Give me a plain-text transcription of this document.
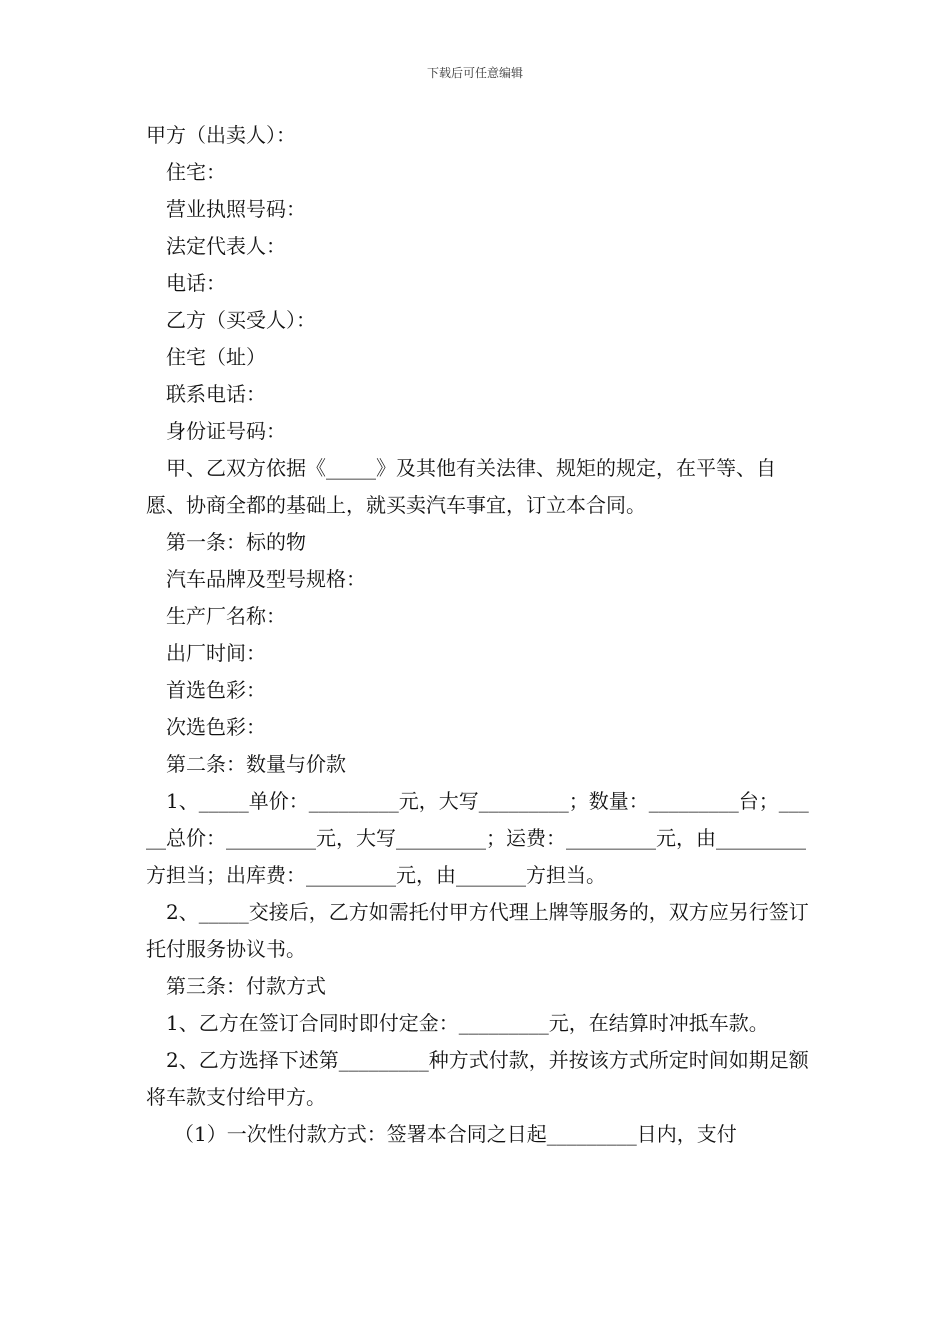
下载后可任意编辑

甲方（出卖人）：

住宅：

营业执照号码：

法定代表人：

电话：

乙方（买受人）：

住宅（址）

联系电话：

身份证号码：

甲、乙双方依据《_____》及其他有关法律、规矩的规定，在平等、自愿、协商全都的基础上，就买卖汽车事宜，订立本合同。

第一条：标的物

汽车品牌及型号规格：

生产厂名称：

出厂时间：

首选色彩：

次选色彩：

第二条：数量与价款

1、_____单价：_________元，大写_________；数量：_________台；_____总价：_________元，大写_________；运费：_________元，由_________方担当；出库费：_________元，由_______方担当。

2、_____交接后，乙方如需托付甲方代理上牌等服务的，双方应另行签订托付服务协议书。

第三条：付款方式

1、乙方在签订合同时即付定金：_________元，在结算时冲抵车款。

2、乙方选择下述第_________种方式付款，并按该方式所定时间如期足额将车款支付给甲方。

（1）一次性付款方式：签署本合同之日起_________日内，支付
